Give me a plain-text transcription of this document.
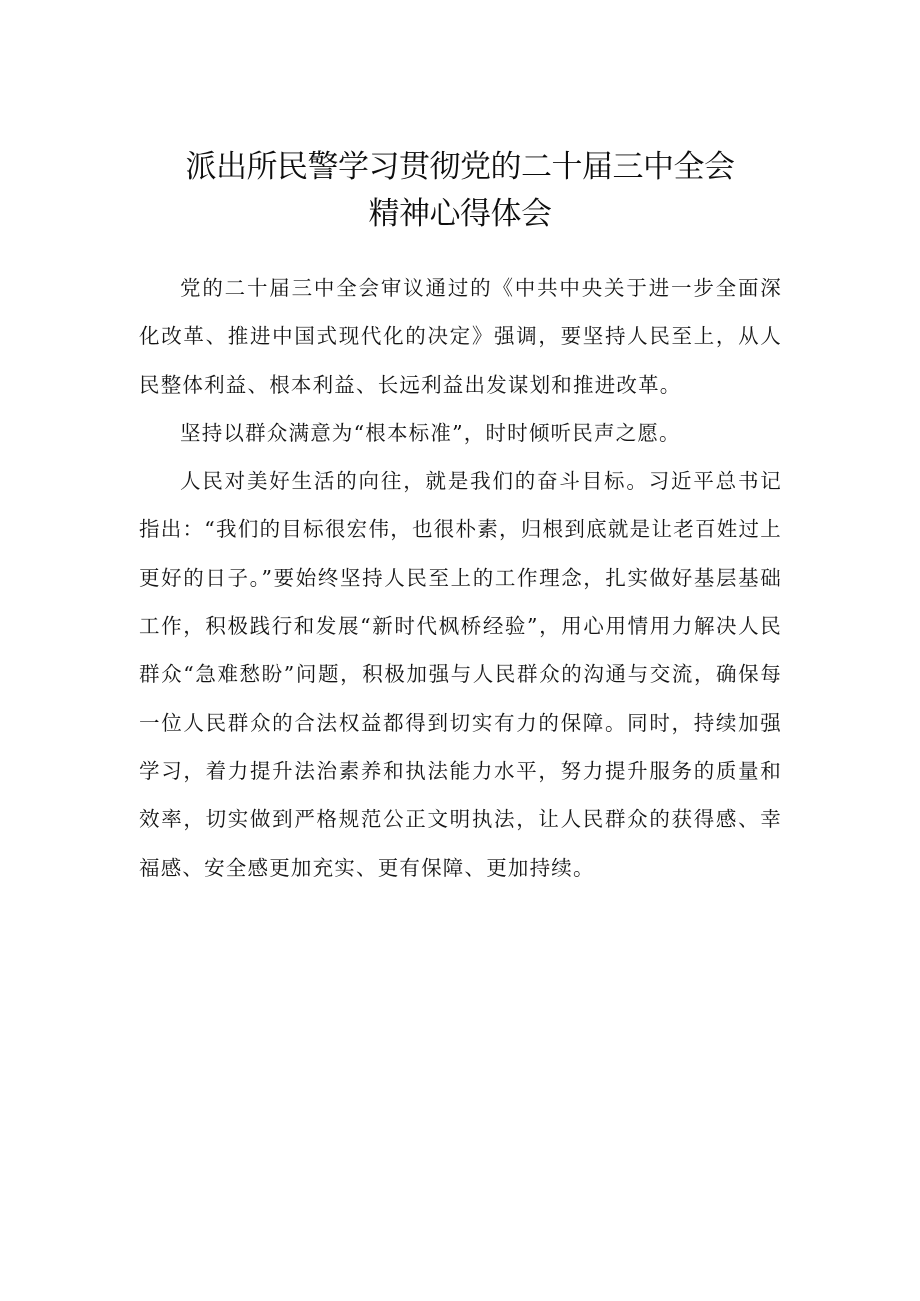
派出所民警学习贯彻党的二十届三中全会
精神心得体会

党的二十届三中全会审议通过的《中共中央关于进一步全面深化改革、推进中国式现代化的决定》强调，要坚持人民至上，从人民整体利益、根本利益、长远利益出发谋划和推进改革。

坚持以群众满意为“根本标准”，时时倾听民声之愿。

人民对美好生活的向往，就是我们的奋斗目标。习近平总书记指出：“我们的目标很宏伟，也很朴素，归根到底就是让老百姓过上更好的日子。”要始终坚持人民至上的工作理念，扎实做好基层基础工作，积极践行和发展“新时代枫桥经验”，用心用情用力解决人民群众“急难愁盼”问题，积极加强与人民群众的沟通与交流，确保每一位人民群众的合法权益都得到切实有力的保障。同时，持续加强学习，着力提升法治素养和执法能力水平，努力提升服务的质量和效率，切实做到严格规范公正文明执法，让人民群众的获得感、幸福感、安全感更加充实、更有保障、更加持续。
